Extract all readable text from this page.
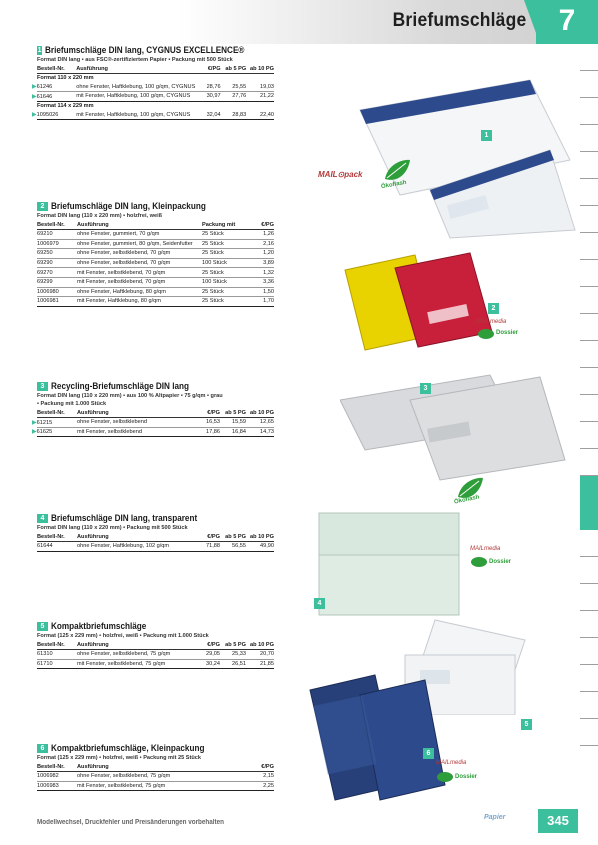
Briefumschläge	7
1 Briefumschläge DIN lang, CYGNUS EXCELLENCE®
Format DIN lang • aus FSC®-zertifiziertem Papier • Packung mit 500 Stück
Bestell-Nr.	Ausführung	€/PG	ab 5 PG	ab 10 PG
Format 110 x 220 mm				
▶61246	ohne Fenster, Haftklebung, 100 g/qm, CYGNUS	28,76	25,55	19,03
▶61646	mit Fenster, Haftklebung, 100 g/qm, CYGNUS	30,97	27,76	21,22
Format 114 x 229 mm				
▶1095026	mit Fenster, Haftklebung, 100 g/qm, CYGNUS	32,04	28,83	22,40
2 Briefumschläge DIN lang, Kleinpackung
Format DIN lang (110 x 220 mm) • holzfrei, weiß
Bestell-Nr.	Ausführung	Packung mit	€/PG
69210	ohne Fenster, gummiert, 70 g/qm	25 Stück	1,26
1006979	ohne Fenster, gummiert, 80 g/qm, Seidenfutter	25 Stück	2,16
69250	ohne Fenster, selbstklebend, 70 g/qm	25 Stück	1,20
69290	ohne Fenster, selbstklebend, 70 g/qm	100 Stück	3,89
69270	mit Fenster, selbstklebend, 70 g/qm	25 Stück	1,32
69299	mit Fenster, selbstklebend, 70 g/qm	100 Stück	3,36
1006980	ohne Fenster, Haftklebung, 80 g/qm	25 Stück	1,50
1006981	mit Fenster, Haftklebung, 80 g/qm	25 Stück	1,70
3 Recycling-Briefumschläge DIN lang
Format DIN lang (110 x 220 mm) • aus 100 % Altpapier • 75 g/qm • grau
• Packung mit 1.000 Stück
Bestell-Nr.	Ausführung	€/PG	ab 5 PG	ab 10 PG
▶61215	ohne Fenster, selbstklebend	16,53	15,59	12,65
▶61625	mit Fenster, selbstklebend	17,86	16,84	14,73
4 Briefumschläge DIN lang, transparent
Format DIN lang (110 x 220 mm) • Packung mit 500 Stück
Bestell-Nr.	Ausführung	€/PG	ab 5 PG	ab 10 PG
61644	ohne Fenster, Haftklebung, 102 g/qm	71,88	56,55	49,90
5 Kompaktbriefumschläge
Format (125 x 229 mm) • holzfrei, weiß • Packung mit 1.000 Stück
Bestell-Nr.	Ausführung	€/PG	ab 5 PG	ab 10 PG
61310	ohne Fenster, selbstklebend, 75 g/qm	29,05	25,33	20,70
61710	mit Fenster, selbstklebend, 75 g/qm	30,24	26,51	21,85
6 Kompaktbriefumschläge, Kleinpackung
Format (125 x 229 mm) • holzfrei, weiß • Packung mit 25 Stück
Bestell-Nr.	Ausführung	€/PG
1006982	ohne Fenster, selbstklebend, 75 g/qm	2,15
1006983	mit Fenster, selbstklebend, 75 g/qm	2,25
1
MAIL⊙pack
Ökoflash
2
MAILmedia
Dossier
3
Ökoflash
4
MAILmedia
Dossier
5
6
MAILmedia
Dossier
Modellwechsel, Druckfehler und Preisänderungen vorbehalten
Papier	345
